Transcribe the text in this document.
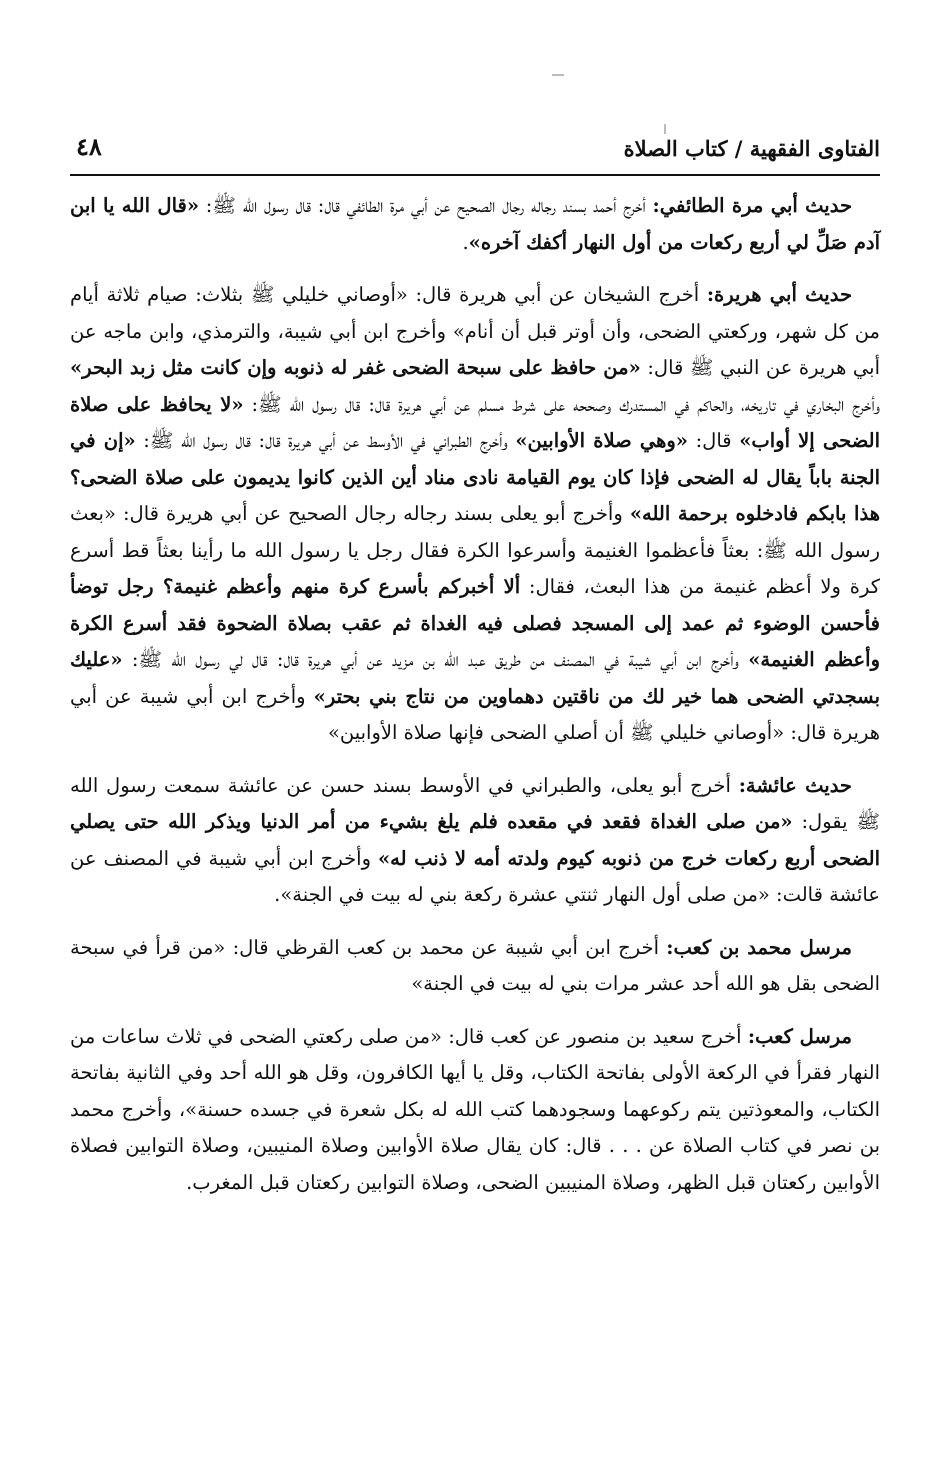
الفتاوى الفقهية / كتاب الصلاة
٤٨

حديث أبي مرة الطائفي: أخرج أحمد بسند رجاله رجال الصحيح عن أبي مرة الطائفي قال: قال رسول الله ﷺ: «قال الله يا ابن آدم صَلِّ لي أربع ركعات من أول النهار أكفك آخره».

حديث أبي هريرة: أخرج الشيخان عن أبي هريرة قال: «أوصاني خليلي ﷺ بثلاث: صيام ثلاثة أيام من كل شهر، وركعتي الضحى، وأن أوتر قبل أن أنام» وأخرج ابن أبي شيبة، والترمذي، وابن ماجه عن أبي هريرة عن النبي ﷺ قال: «من حافظ على سبحة الضحى غفر له ذنوبه وإن كانت مثل زبد البحر» وأخرج البخاري في تاريخه، والحاكم في المستدرك وصححه على شرط مسلم عن أبي هريرة قال: قال رسول الله ﷺ: «لا يحافظ على صلاة الضحى إلا أواب» قال: «وهي صلاة الأوابين» وأخرج الطبراني في الأوسط عن أبي هريرة قال: قال رسول الله ﷺ: «إن في الجنة باباً يقال له الضحى فإذا كان يوم القيامة نادى مناد أين الذين كانوا يديمون على صلاة الضحى؟ هذا بابكم فادخلوه برحمة الله» وأخرج أبو يعلى بسند رجاله رجال الصحيح عن أبي هريرة قال: «بعث رسول الله ﷺ: بعثاً فأعظموا الغنيمة وأسرعوا الكرة فقال رجل يا رسول الله ما رأينا بعثاً قط أسرع كرة ولا أعظم غنيمة من هذا البعث، فقال: ألا أخبركم بأسرع كرة منهم وأعظم غنيمة؟ رجل توضأ فأحسن الوضوء ثم عمد إلى المسجد فصلى فيه الغداة ثم عقب بصلاة الضحوة فقد أسرع الكرة وأعظم الغنيمة» وأخرج ابن أبي شيبة في المصنف من طريق عبد الله بن مزيد عن أبي هريرة قال: قال لي رسول الله ﷺ: «عليك بسجدتي الضحى هما خير لك من ناقتين دهماوين من نتاج بني بحتر» وأخرج ابن أبي شيبة عن أبي هريرة قال: «أوصاني خليلي ﷺ أن أصلي الضحى فإنها صلاة الأوابين»

حديث عائشة: أخرج أبو يعلى، والطبراني في الأوسط بسند حسن عن عائشة سمعت رسول الله ﷺ يقول: «من صلى الغداة فقعد في مقعده فلم يلغ بشيء من أمر الدنيا ويذكر الله حتى يصلي الضحى أربع ركعات خرج من ذنوبه كيوم ولدته أمه لا ذنب له» وأخرج ابن أبي شيبة في المصنف عن عائشة قالت: «من صلى أول النهار ثنتي عشرة ركعة بني له بيت في الجنة».

مرسل محمد بن كعب: أخرج ابن أبي شيبة عن محمد بن كعب القرظي قال: «من قرأ في سبحة الضحى بقل هو الله أحد عشر مرات بني له بيت في الجنة»

مرسل كعب: أخرج سعيد بن منصور عن كعب قال: «من صلى ركعتي الضحى في ثلاث ساعات من النهار فقرأ في الركعة الأولى بفاتحة الكتاب، وقل يا أيها الكافرون، وقل هو الله أحد وفي الثانية بفاتحة الكتاب، والمعوذتين يتم ركوعهما وسجودهما كتب الله له بكل شعرة في جسده حسنة»، وأخرج محمد بن نصر في كتاب الصلاة عن . . . قال: كان يقال صلاة الأوابين وصلاة المنيبين، وصلاة التوابين فصلاة الأوابين ركعتان قبل الظهر، وصلاة المنيبين الضحى، وصلاة التوابين ركعتان قبل المغرب.
